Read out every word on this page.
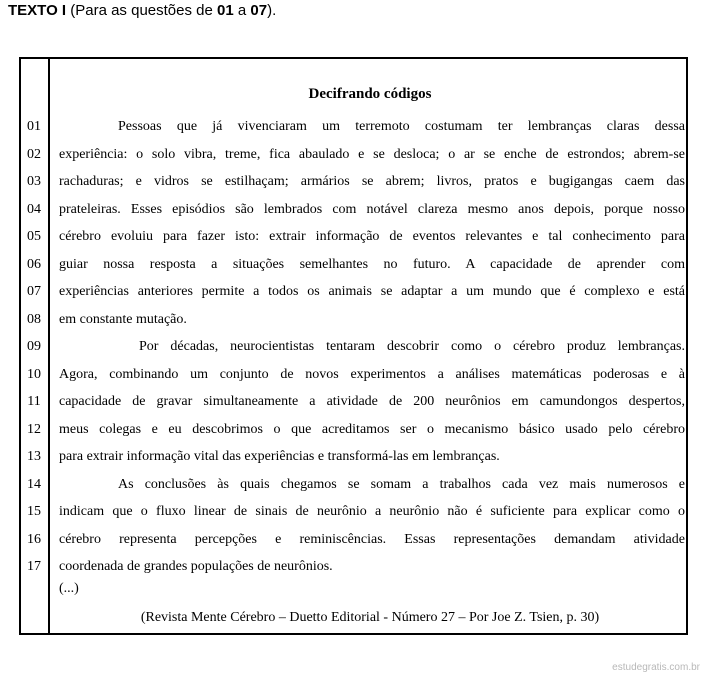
TEXTO I (Para as questões de 01 a 07).
Decifrando códigos
01
02
03
04
05
06
07
08
09
10
11
12
13
14
15
16
17
Pessoas que já vivenciaram um terremoto costumam ter lembranças claras dessa
experiência: o solo vibra, treme, fica abaulado e se desloca; o ar se enche de estrondos; abrem-se
rachaduras; e vidros se estilhaçam; armários se abrem; livros, pratos e bugigangas caem das
prateleiras. Esses episódios são lembrados com notável clareza mesmo anos depois, porque nosso
cérebro evoluiu para fazer isto: extrair informação de eventos relevantes e tal conhecimento para
guiar nossa resposta a situações semelhantes no futuro. A capacidade de aprender com
experiências anteriores permite a todos os animais se adaptar a um mundo que é complexo e está
em constante mutação.
Por décadas, neurocientistas tentaram descobrir como o cérebro produz lembranças.
Agora, combinando um conjunto de novos experimentos a análises matemáticas poderosas e à
capacidade de gravar simultaneamente a atividade de 200 neurônios em camundongos despertos,
meus colegas e eu descobrimos o que acreditamos ser o mecanismo básico usado pelo cérebro
para extrair informação vital das experiências e transformá-las em lembranças.
As conclusões às quais chegamos se somam a trabalhos cada vez mais numerosos e
indicam que o fluxo linear de sinais de neurônio a neurônio não é suficiente para explicar como o
cérebro representa percepções e reminiscências. Essas representações demandam atividade
coordenada de grandes populações de neurônios.
(...)
(Revista Mente Cérebro – Duetto Editorial - Número 27 – Por Joe Z. Tsien, p. 30)
estudegratis.com.br
